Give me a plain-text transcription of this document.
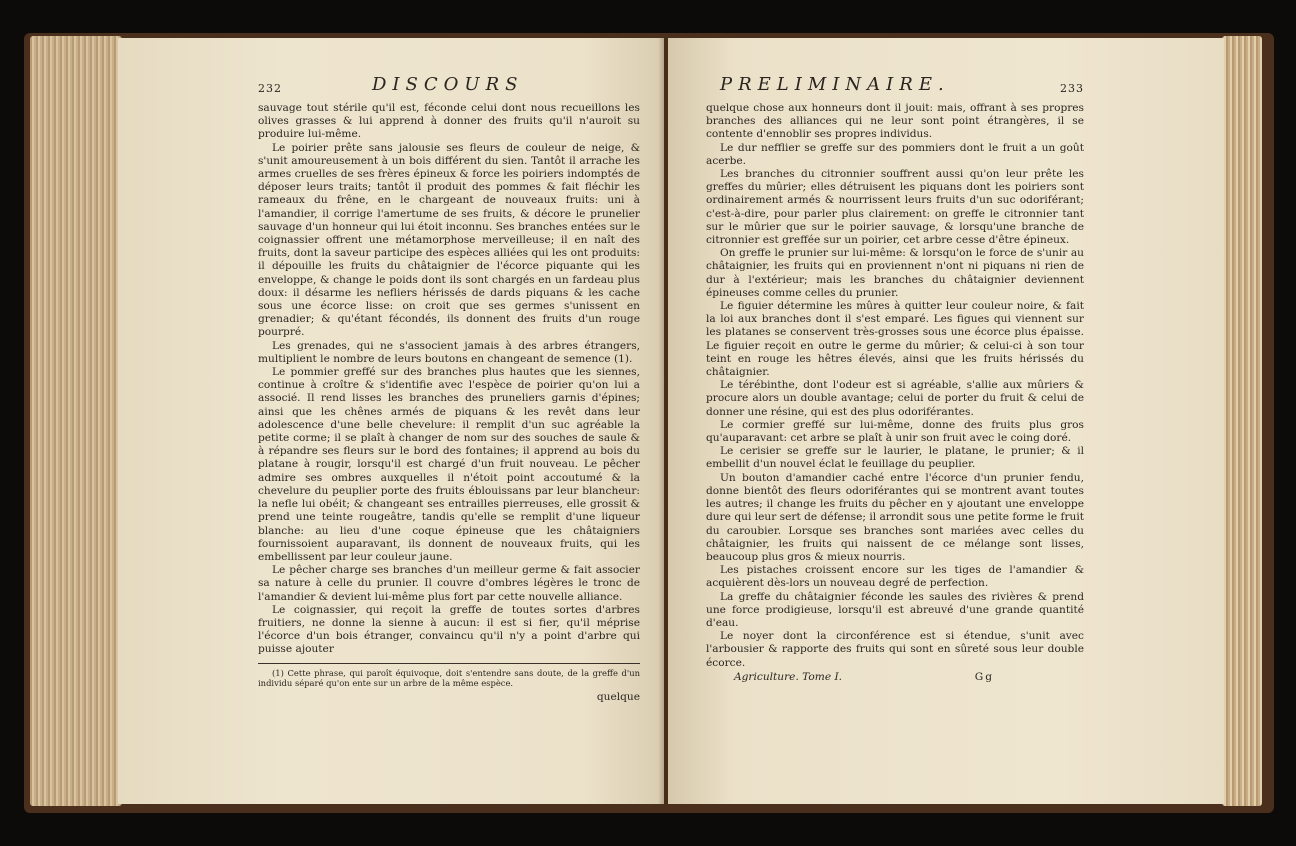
232	DISCOURS

sauvage tout stérile qu'il est, féconde celui dont nous recueillons les olives grasses & lui apprend à donner des fruits qu'il n'auroit su produire lui-même.

Le poirier prête sans jalousie ses fleurs de couleur de neige, & s'unit amoureusement à un bois différent du sien. Tantôt il arrache les armes cruelles de ses frères épineux & force les poiriers indomptés de déposer leurs traits; tantôt il produit des pommes & fait fléchir les rameaux du frêne, en le chargeant de nouveaux fruits: uni à l'amandier, il corrige l'amertume de ses fruits, & décore le prunelier sauvage d'un honneur qui lui étoit inconnu. Ses branches entées sur le coignassier offrent une métamorphose merveilleuse; il en naît des fruits, dont la saveur participe des espèces alliées qui les ont produits: il dépouille les fruits du châtaignier de l'écorce piquante qui les enveloppe, & change le poids dont ils sont chargés en un fardeau plus doux: il désarme les nefliers hérissés de dards piquans & les cache sous une écorce lisse: on croit que ses germes s'unissent en grenadier; & qu'étant fécondés, ils donnent des fruits d'un rouge pourpré.

Les grenades, qui ne s'associent jamais à des arbres étrangers, multiplient le nombre de leurs boutons en changeant de semence (1).

Le pommier greffé sur des branches plus hautes que les siennes, continue à croître & s'identifie avec l'espèce de poirier qu'on lui a associé. Il rend lisses les branches des pruneliers garnis d'épines; ainsi que les chênes armés de piquans & les revêt dans leur adolescence d'une belle chevelure: il remplit d'un suc agréable la petite corme; il se plaît à changer de nom sur des souches de saule & à répandre ses fleurs sur le bord des fontaines; il apprend au bois du platane à rougir, lorsqu'il est chargé d'un fruit nouveau. Le pêcher admire ses ombres auxquelles il n'étoit point accoutumé & la chevelure du peuplier porte des fruits éblouissans par leur blancheur: la nefle lui obéit; & changeant ses entrailles pierreuses, elle grossit & prend une teinte rougeâtre, tandis qu'elle se remplit d'une liqueur blanche: au lieu d'une coque épineuse que les châtaigniers fournissoient auparavant, ils donnent de nouveaux fruits, qui les embellissent par leur couleur jaune.

Le pêcher charge ses branches d'un meilleur germe & fait associer sa nature à celle du prunier. Il couvre d'ombres légères le tronc de l'amandier & devient lui-même plus fort par cette nouvelle alliance.

Le coignassier, qui reçoit la greffe de toutes sortes d'arbres fruitiers, ne donne la sienne à aucun: il est si fier, qu'il méprise l'écorce d'un bois étranger, convaincu qu'il n'y a point d'arbre qui puisse ajouter

(1) Cette phrase, qui paroît équivoque, doit s'entendre sans doute, de la greffe d'un individu séparé qu'on ente sur un arbre de la même espèce.

quelque
PRELIMINAIRE.	233

quelque chose aux honneurs dont il jouit: mais, offrant à ses propres branches des alliances qui ne leur sont point étrangères, il se contente d'ennoblir ses propres individus.

Le dur nefflier se greffe sur des pommiers dont le fruit a un goût acerbe.

Les branches du citronnier souffrent aussi qu'on leur prête les greffes du mûrier; elles détruisent les piquans dont les poiriers sont ordinairement armés & nourrissent leurs fruits d'un suc odoriférant; c'est-à-dire, pour parler plus clairement: on greffe le citronnier tant sur le mûrier que sur le poirier sauvage, & lorsqu'une branche de citronnier est greffée sur un poirier, cet arbre cesse d'être épineux.

On greffe le prunier sur lui-même: & lorsqu'on le force de s'unir au châtaignier, les fruits qui en proviennent n'ont ni piquans ni rien de dur à l'extérieur; mais les branches du châtaignier deviennent épineuses comme celles du prunier.

Le figuier détermine les mûres à quitter leur couleur noire, & fait la loi aux branches dont il s'est emparé. Les figues qui viennent sur les platanes se conservent très-grosses sous une écorce plus épaisse. Le figuier reçoit en outre le germe du mûrier; & celui-ci à son tour teint en rouge les hêtres élevés, ainsi que les fruits hérissés du châtaignier.

Le térébinthe, dont l'odeur est si agréable, s'allie aux mûriers & procure alors un double avantage; celui de porter du fruit & celui de donner une résine, qui est des plus odoriférantes.

Le cormier greffé sur lui-même, donne des fruits plus gros qu'auparavant: cet arbre se plaît à unir son fruit avec le coing doré.

Le cerisier se greffe sur le laurier, le platane, le prunier; & il embellit d'un nouvel éclat le feuillage du peuplier.

Un bouton d'amandier caché entre l'écorce d'un prunier fendu, donne bientôt des fleurs odoriférantes qui se montrent avant toutes les autres; il change les fruits du pêcher en y ajoutant une enveloppe dure qui leur sert de défense; il arrondit sous une petite forme le fruit du caroubier. Lorsque ses branches sont mariées avec celles du châtaignier, les fruits qui naissent de ce mélange sont lisses, beaucoup plus gros & mieux nourris.

Les pistaches croissent encore sur les tiges de l'amandier & acquièrent dès-lors un nouveau degré de perfection.

La greffe du châtaignier féconde les saules des rivières & prend une force prodigieuse, lorsqu'il est abreuvé d'une grande quantité d'eau.

Le noyer dont la circonférence est si étendue, s'unit avec l'arbousier & rapporte des fruits qui sont en sûreté sous leur double écorce.

Agriculture. Tome I.	Gg
